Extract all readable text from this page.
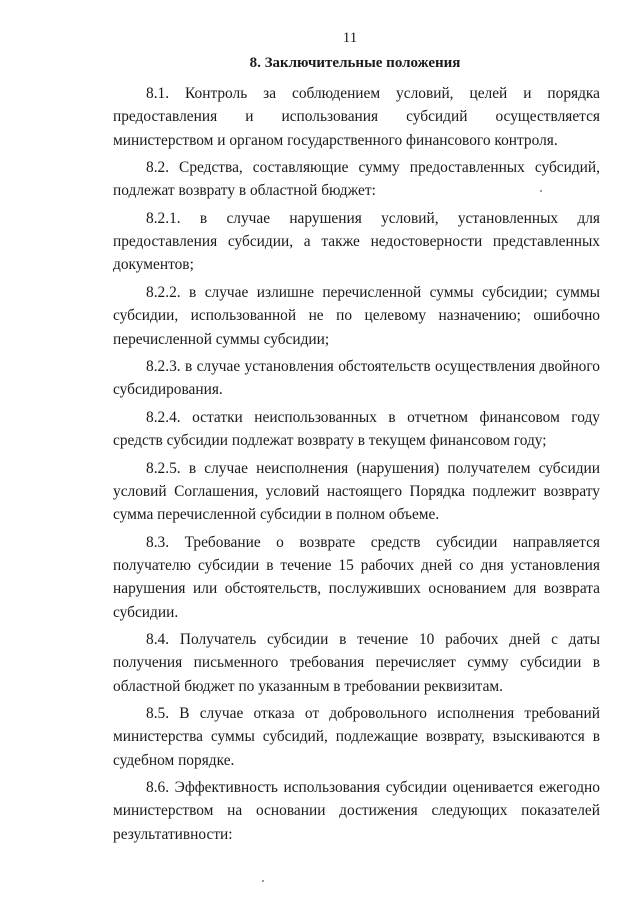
11
8. Заключительные положения

8.1. Контроль за соблюдением условий, целей и порядка предоставления и использования субсидий осуществляется министерством и органом государственного финансового контроля.

8.2. Средства, составляющие сумму предоставленных субсидий, подлежат возврату в областной бюджет:

8.2.1. в случае нарушения условий, установленных для предоставления субсидии, а также недостоверности представленных документов;

8.2.2. в случае излишне перечисленной суммы субсидии; суммы субсидии, использованной не по целевому назначению; ошибочно перечисленной суммы субсидии;

8.2.3. в случае установления обстоятельств осуществления двойного субсидирования.

8.2.4. остатки неиспользованных в отчетном финансовом году средств субсидии подлежат возврату в текущем финансовом году;

8.2.5. в случае неисполнения (нарушения) получателем субсидии условий Соглашения, условий настоящего Порядка подлежит возврату сумма перечисленной субсидии в полном объеме.

8.3. Требование о возврате средств субсидии направляется получателю субсидии в течение 15 рабочих дней со дня установления нарушения или обстоятельств, послуживших основанием для возврата субсидии.

8.4. Получатель субсидии в течение 10 рабочих дней с даты получения письменного требования перечисляет сумму субсидии в областной бюджет по указанным в требовании реквизитам.

8.5. В случае отказа от добровольного исполнения требований министерства суммы субсидий, подлежащие возврату, взыскиваются в судебном порядке.

8.6. Эффективность использования субсидии оценивается ежегодно министерством на основании достижения следующих показателей результативности:
